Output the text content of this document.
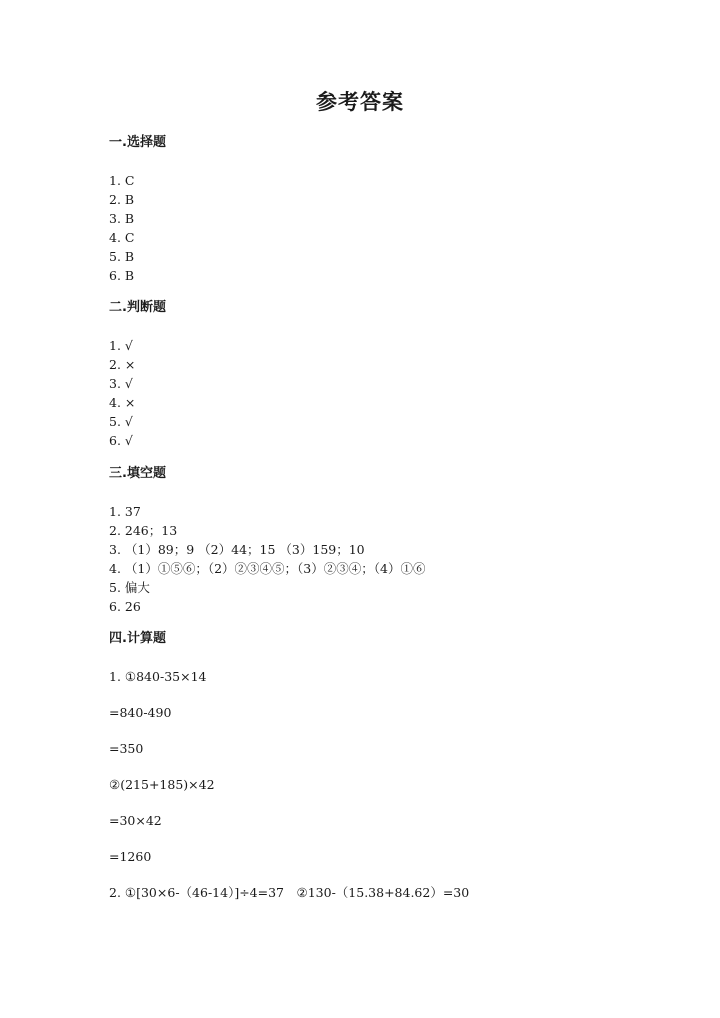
参考答案
一.选择题
1. C
2. B
3. B
4. C
5. B
6. B
二.判断题
1. √
2. ×
3. √
4. ×
5. √
6. √
三.填空题
1. 37
2. 246；13
3. （1）89；9 （2）44；15 （3）159；10
4. （1）①⑤⑥；（2）②③④⑤；（3）②③④；（4）①⑥
5. 偏大
6. 26
四.计算题
1. ①840-35×14
=840-490
=350
②(215+185)×42
=30×42
=1260
2. ①[30×6-（46-14）]÷4=37　②130-（15.38+84.62）=30
